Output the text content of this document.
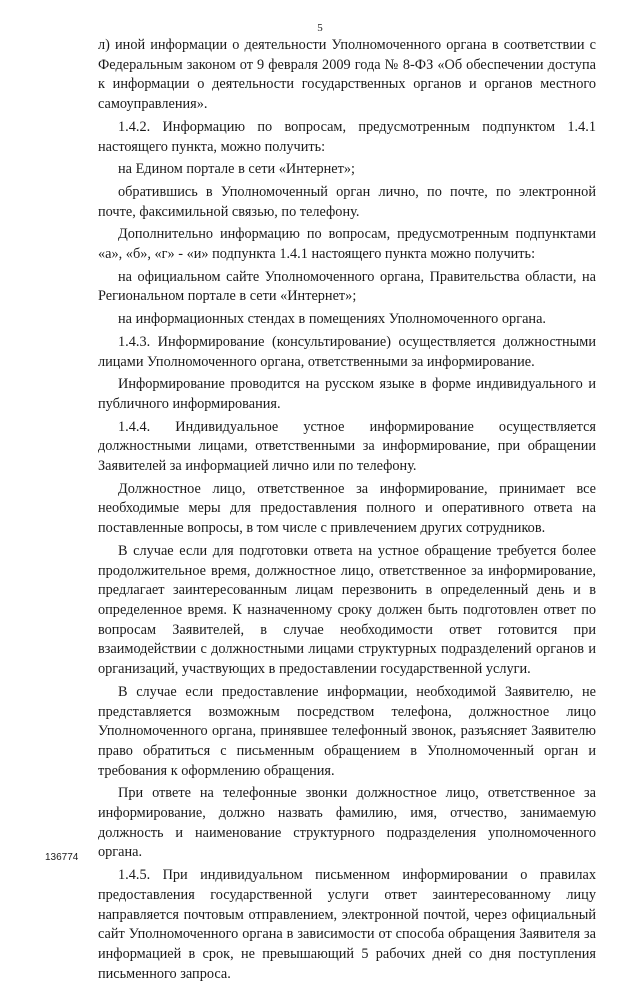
5

л) иной информации о деятельности Уполномоченного органа в соответствии с Федеральным законом от 9 февраля 2009 года № 8-ФЗ «Об обеспечении доступа к информации о деятельности государственных органов и органов местного самоуправления».

1.4.2. Информацию по вопросам, предусмотренным подпунктом 1.4.1 настоящего пункта, можно получить:

на Едином портале в сети «Интернет»;

обратившись в Уполномоченный орган лично, по почте, по электронной почте, факсимильной связью, по телефону.

Дополнительно информацию по вопросам, предусмотренным подпунктами «а», «б», «г» - «и» подпункта 1.4.1 настоящего пункта можно получить:

на официальном сайте Уполномоченного органа, Правительства области, на Региональном портале в сети «Интернет»;

на информационных стендах в помещениях Уполномоченного органа.

1.4.3. Информирование (консультирование) осуществляется должностными лицами Уполномоченного органа, ответственными за информирование.

Информирование проводится на русском языке в форме индивидуального и публичного информирования.

1.4.4. Индивидуальное устное информирование осуществляется должностными лицами, ответственными за информирование, при обращении Заявителей за информацией лично или по телефону.

Должностное лицо, ответственное за информирование, принимает все необходимые меры для предоставления полного и оперативного ответа на поставленные вопросы, в том числе с привлечением других сотрудников.

В случае если для подготовки ответа на устное обращение требуется более продолжительное время, должностное лицо, ответственное за информирование, предлагает заинтересованным лицам перезвонить в определенный день и в определенное время. К назначенному сроку должен быть подготовлен ответ по вопросам Заявителей, в случае необходимости ответ готовится при взаимодействии с должностными лицами структурных подразделений органов и организаций, участвующих в предоставлении государственной услуги.

В случае если предоставление информации, необходимой Заявителю, не представляется возможным посредством телефона, должностное лицо Уполномоченного органа, принявшее телефонный звонок, разъясняет Заявителю право обратиться с письменным обращением в Уполномоченный орган и требования к оформлению обращения.

При ответе на телефонные звонки должностное лицо, ответственное за информирование, должно назвать фамилию, имя, отчество, занимаемую должность и наименование структурного подразделения уполномоченного органа.

1.4.5. При индивидуальном письменном информировании о правилах предоставления государственной услуги ответ заинтересованному лицу направляется почтовым отправлением, электронной почтой, через официальный сайт Уполномоченного органа в зависимости от способа обращения Заявителя за информацией в срок, не превышающий 5 рабочих дней со дня поступления письменного запроса.

136774
